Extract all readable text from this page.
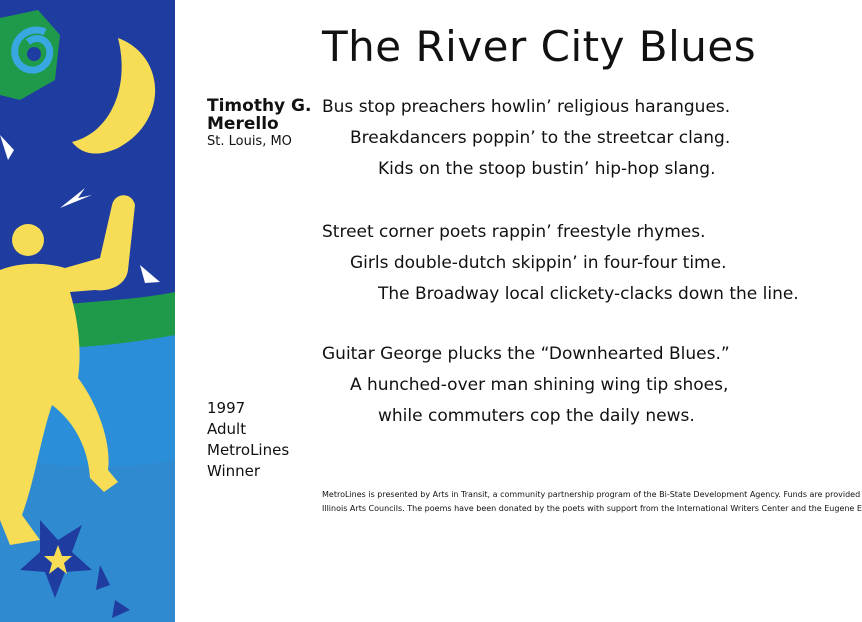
The River City Blues
Timothy G.
Merello
St. Louis, MO
Bus stop preachers howlin’ religious harangues.
Breakdancers poppin’ to the streetcar clang.
Kids on the stoop bustin’ hip-hop slang.
Street corner poets rappin’ freestyle rhymes.
Girls double-dutch skippin’ in four-four time.
The Broadway local clickety-clacks down the line.
Guitar George plucks the “Downhearted Blues.”
A hunched-over man shining wing tip shoes,
while commuters cop the daily news.
1997
Adult
MetroLines
Winner
MetroLines is presented by Arts in Transit, a community partnership program of the Bi-State Development Agency. Funds are provided
Illinois Arts Councils. The poems have been donated by the poets with support from the International Writers Center and the Eugene E
